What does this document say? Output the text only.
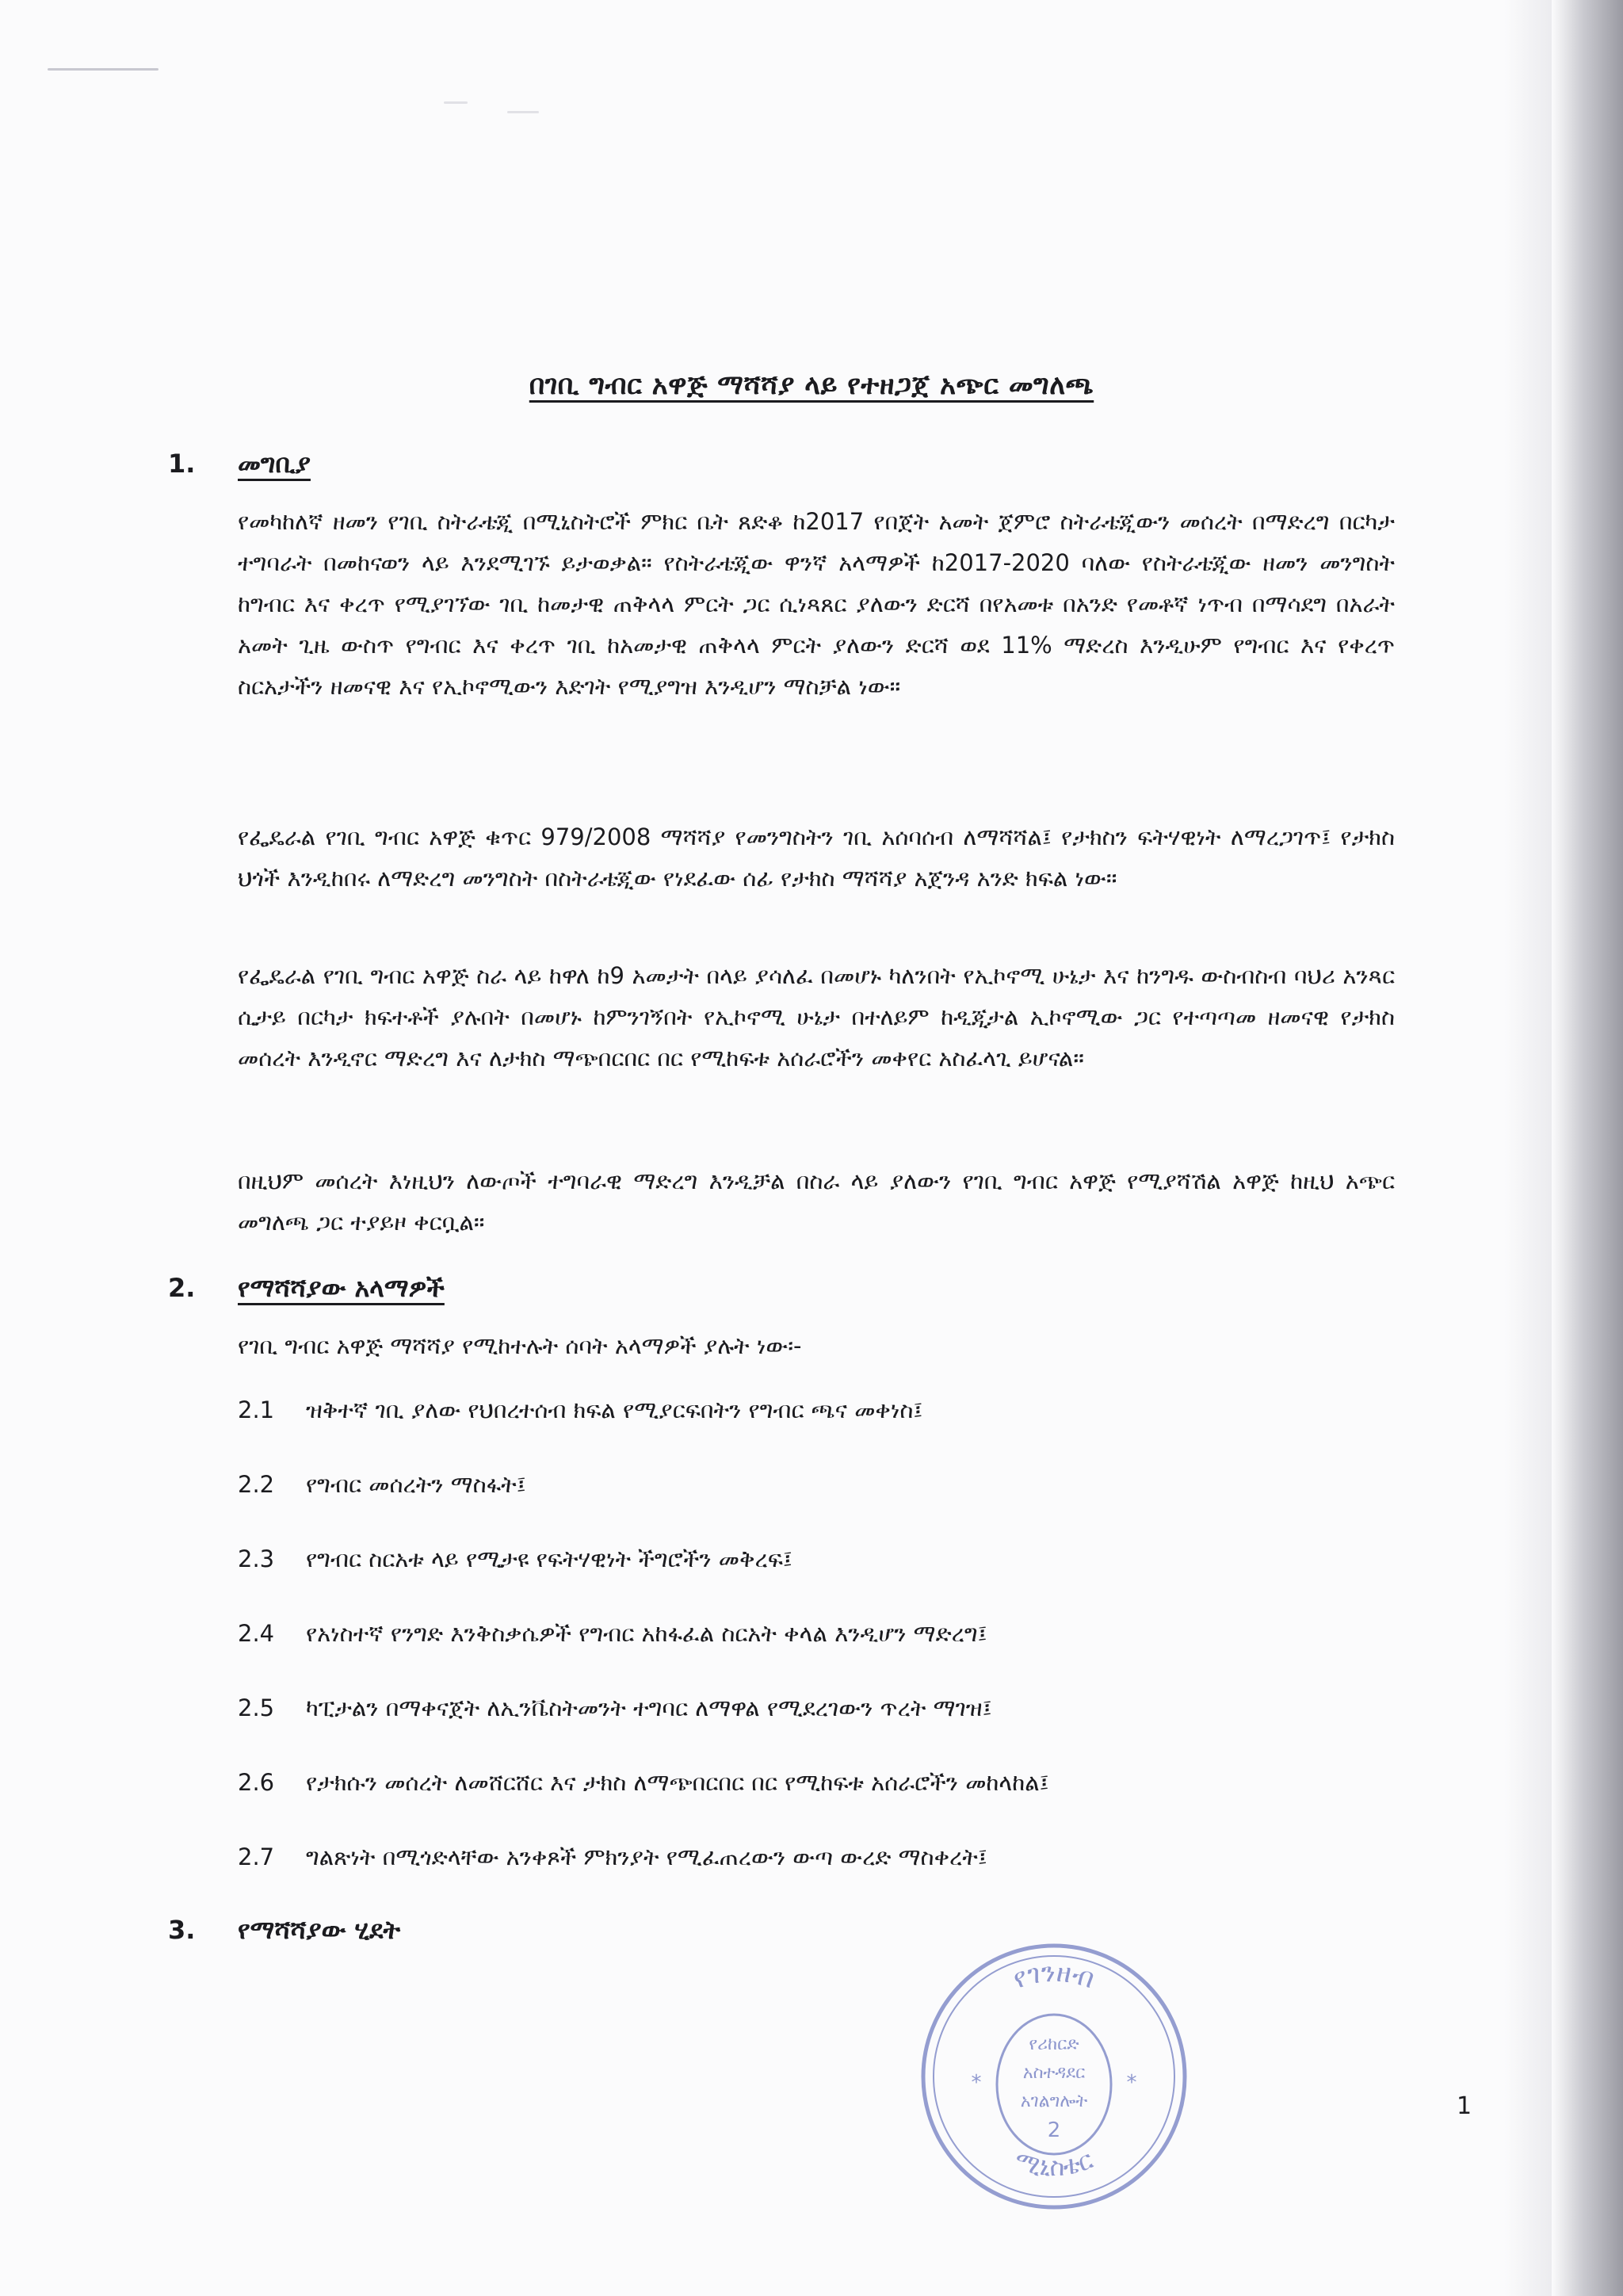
በገቢ ግብር አዋጅ ማሻሻያ ላይ የተዘጋጀ አጭር መግለጫ
1.	መግቢያ

የመካከለኛ ዘመን የገቢ ስትራቴጂ በሚኒስትሮች ምክር ቤት ጸድቆ ከ2017 የበጀት አመት ጀምሮ ስትራቴጂውን መሰረት በማድረግ በርካታ ተግባራት በመከናወን ላይ እንደሚገኙ ይታወቃል። የስትራቴጂው ዋንኛ አላማዎች ከ2017-2020 ባለው የስትራቴጂው ዘመን መንግስት ከግብር እና ቀረጥ የሚያገኘው ገቢ ከመታዊ ጠቅላላ ምርት ጋር ሲነጻጸር ያለውን ድርሻ በየአመቱ በአንድ የመቶኛ ነጥብ በማሳደግ በአራት አመት ጊዜ ውስጥ የግብር እና ቀረጥ ገቢ ከአመታዊ ጠቅላላ ምርት ያለውን ድርሻ ወደ 11% ማድረስ እንዲሁም የግብር እና የቀረጥ ስርአታችን ዘመናዊ እና የኢኮኖሚውን እድገት የሚያግዝ እንዲሆን ማስቻል ነው።

የፌዴራል የገቢ ግብር አዋጅ ቁጥር 979/2008 ማሻሻያ የመንግስትን ገቢ አሰባሰብ ለማሻሻል፤ የታክስን ፍትሃዊነት ለማረጋገጥ፤ የታክስ ህጎች እንዲከበሩ ለማድረግ መንግስት በስትራቴጂው የነደፈው ሰፊ የታክስ ማሻሻያ አጀንዳ አንድ ክፍል ነው።

የፌዴራል የገቢ ግብር አዋጅ ስራ ላይ ከዋለ ከ9 አመታት በላይ ያሳለፈ በመሆኑ ካለንበት የኢኮኖሚ ሁኔታ እና ከንግዱ ውስብስብ ባህሪ አንጻር ሲታይ በርካታ ክፍተቶች ያሉበት በመሆኑ ከምንገኝበት የኢኮኖሚ ሁኔታ በተለይም ከዲጂታል ኢኮኖሚው ጋር የተጣጣመ ዘመናዊ የታክስ መሰረት እንዲኖር ማድረግ እና ለታክስ ማጭበርበር በር የሚከፍቱ አሰራሮችን መቀየር አስፈላጊ ይሆናል።

በዚህም መሰረት እነዚህን ለውጦች ተግባራዊ ማድረግ እንዲቻል በስራ ላይ ያለውን የገቢ ግብር አዋጅ የሚያሻሽል አዋጅ ከዚህ አጭር መግለጫ ጋር ተያይዞ ቀርቧል።

2.	የማሻሻያው አላማዎች

የገቢ ግብር አዋጅ ማሻሻያ የሚከተሉት ሰባት አላማዎች ያሉት ነው፡-

2.1	ዝቅተኛ ገቢ ያለው የህበረተሰብ ክፍል የሚያርፍበትን የግብር ጫና መቀነስ፤
2.2	የግብር መሰረትን ማስፋት፤
2.3	የግብር ስርአቱ ላይ የሚታዩ የፍትሃዊነት ችግሮችን መቅረፍ፤
2.4	የአነስተኛ የንግድ እንቅስቃሴዎች የግብር አከፋፈል ስርአት ቀላል እንዲሆን ማድረግ፤
2.5	ካፒታልን በማቀናጀት ለኢንቬስትመንት ተግባር ለማዋል የሚደረገውን ጥረት ማገዝ፤
2.6	የታክሱን መሰረት ለመሸርሸር እና ታክስ ለማጭበርበር በር የሚከፍቱ አሰራሮችን መከላከል፤
2.7	ግልጽነት በሚጎድላቸው አንቀጾች ምክንያት የሚፈጠረውን ውጣ ውረድ ማስቀረት፤
3.	የማሻሻያው ሂደት
የገንዘብ
ሚኒስቴር
የሪከርድ
አስተዳደር
አገልግሎት
2
*	*
1
